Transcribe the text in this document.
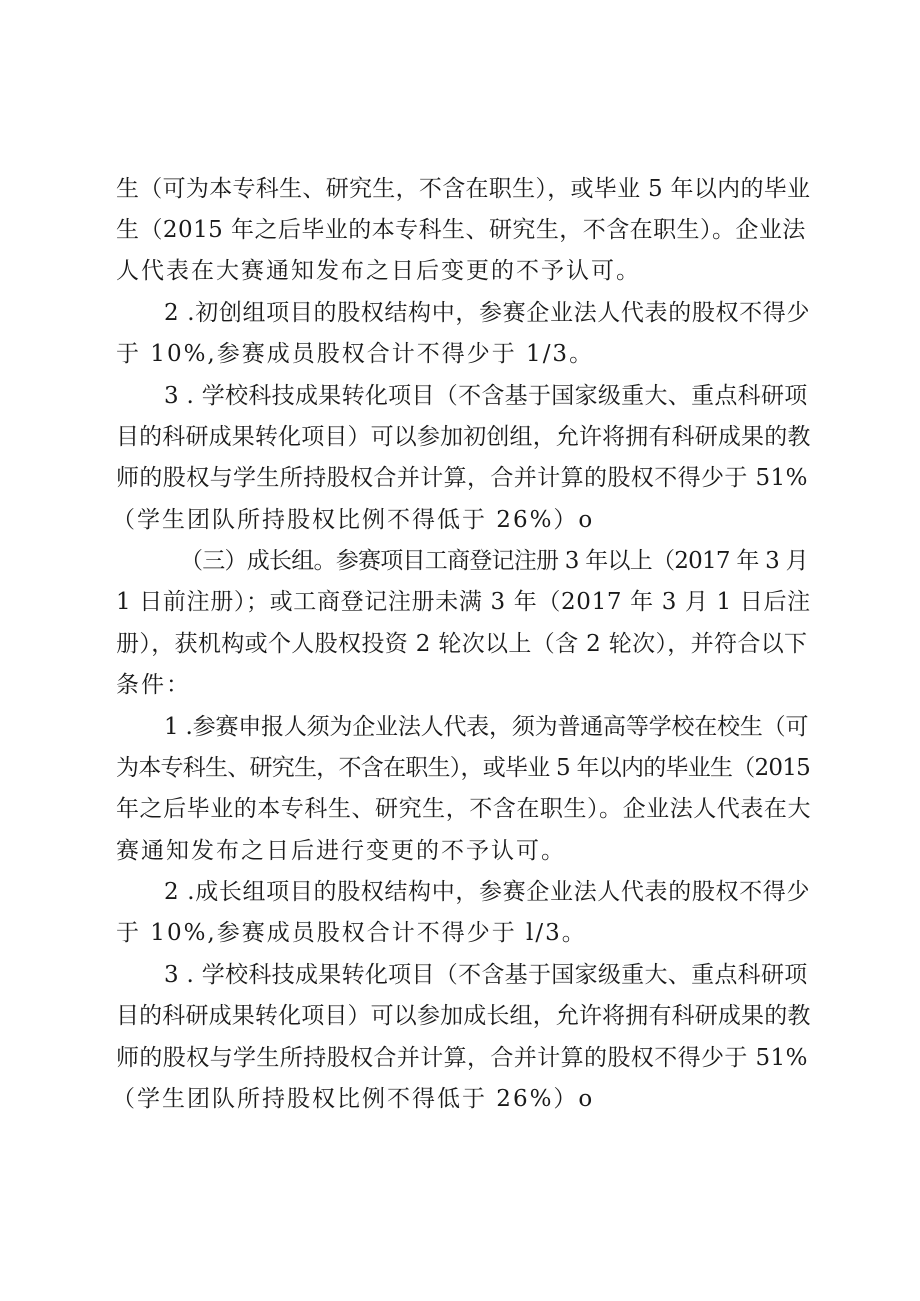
生（可为本专科生、研究生，不含在职生），或毕业 5 年以内的毕业
生（2015 年之后毕业的本专科生、研究生，不含在职生）。企业法
人代表在大赛通知发布之日后变更的不予认可。
2 .初创组项目的股权结构中，参赛企业法人代表的股权不得少
于 10%,参赛成员股权合计不得少于 1/3。
3 . 学校科技成果转化项目（不含基于国家级重大、重点科研项
目的科研成果转化项目）可以参加初创组，允许将拥有科研成果的教
师的股权与学生所持股权合并计算，合并计算的股权不得少于 51%
（学生团队所持股权比例不得低于 26%）o
（三）成长组。参赛项目工商登记注册 3 年以上（2017 年 3 月
1 日前注册）；或工商登记注册未满 3 年（2017 年 3 月 1 日后注
册），获机构或个人股权投资 2 轮次以上（含 2 轮次），并符合以下
条件：
1 .参赛申报人须为企业法人代表，须为普通高等学校在校生（可
为本专科生、研究生，不含在职生），或毕业 5 年以内的毕业生（2015
年之后毕业的本专科生、研究生，不含在职生）。企业法人代表在大
赛通知发布之日后进行变更的不予认可。
2 .成长组项目的股权结构中，参赛企业法人代表的股权不得少
于 10%,参赛成员股权合计不得少于 l/3。
3 . 学校科技成果转化项目（不含基于国家级重大、重点科研项
目的科研成果转化项目）可以参加成长组，允许将拥有科研成果的教
师的股权与学生所持股权合并计算，合并计算的股权不得少于 51%
（学生团队所持股权比例不得低于 26%）o
